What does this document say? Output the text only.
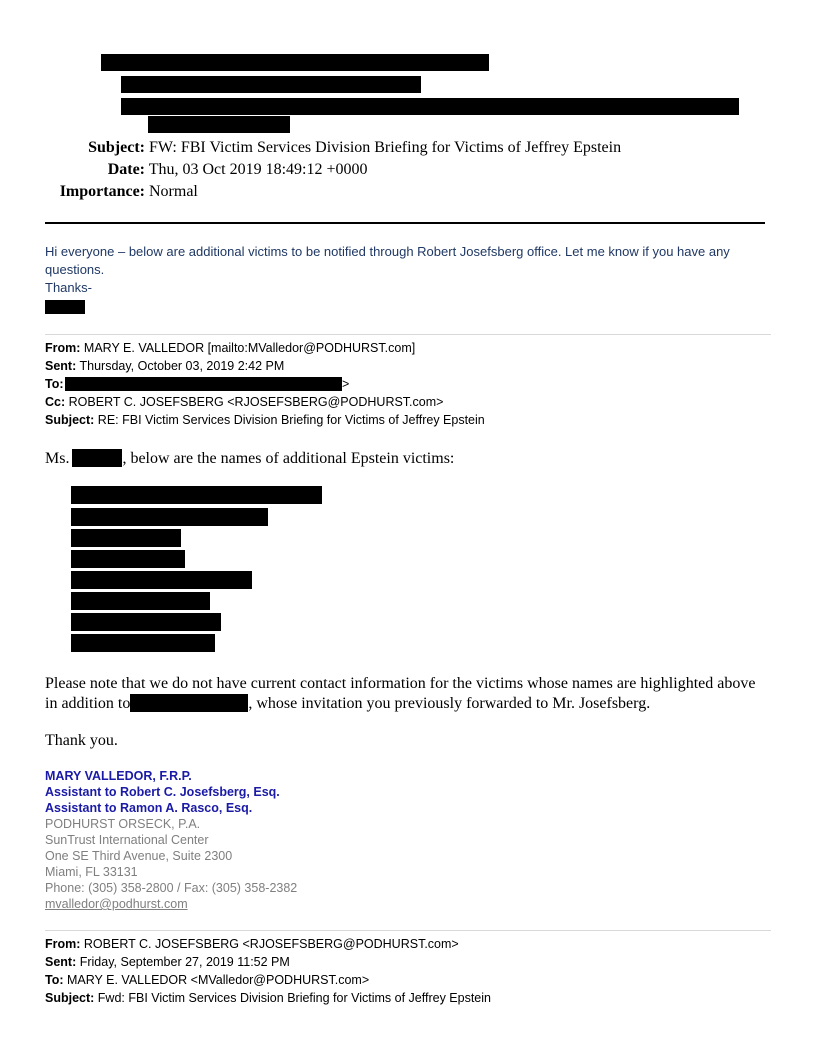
Subject: FW: FBI Victim Services Division Briefing for Victims of Jeffrey Epstein
Date: Thu, 03 Oct 2019 18:49:12 +0000
Importance: Normal
Hi everyone – below are additional victims to be notified through Robert Josefsberg office. Let me know if you have any questions.
Thanks-
From: MARY E. VALLEDOR [mailto:MValledor@PODHURST.com]
Sent: Thursday, October 03, 2019 2:42 PM
To:	>
Cc: ROBERT C. JOSEFSBERG <RJOSEFSBERG@PODHURST.com>
Subject: RE: FBI Victim Services Division Briefing for Victims of Jeffrey Epstein
Ms.	, below are the names of additional Epstein victims:
Please note that we do not have current contact information for the victims whose names are highlighted above in addition to	, whose invitation you previously forwarded to Mr. Josefsberg.
Thank you.
MARY VALLEDOR, F.R.P.
Assistant to Robert C. Josefsberg, Esq.
Assistant to Ramon A. Rasco, Esq.
PODHURST ORSECK, P.A.
SunTrust International Center
One SE Third Avenue, Suite 2300
Miami, FL 33131
Phone: (305) 358-2800 / Fax: (305) 358-2382
mvalledor@podhurst.com
From: ROBERT C. JOSEFSBERG <RJOSEFSBERG@PODHURST.com>
Sent: Friday, September 27, 2019 11:52 PM
To: MARY E. VALLEDOR <MValledor@PODHURST.com>
Subject: Fwd: FBI Victim Services Division Briefing for Victims of Jeffrey Epstein
